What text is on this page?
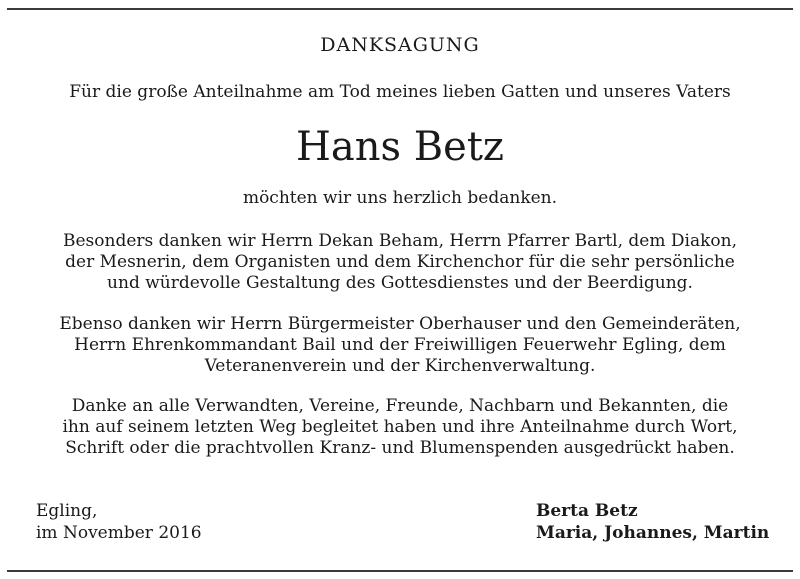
DANKSAGUNG
Für die große Anteilnahme am Tod meines lieben Gatten und unseres Vaters
Hans Betz
möchten wir uns herzlich bedanken.
Besonders danken wir Herrn Dekan Beham, Herrn Pfarrer Bartl, dem Diakon,
der Mesnerin, dem Organisten und dem Kirchenchor für die sehr persönliche
und würdevolle Gestaltung des Gottesdienstes und der Beerdigung.
Ebenso danken wir Herrn Bürgermeister Oberhauser und den Gemeinderäten,
Herrn Ehrenkommandant Bail und der Freiwilligen Feuerwehr Egling, dem
Veteranenverein und der Kirchenverwaltung.
Danke an alle Verwandten, Vereine, Freunde, Nachbarn und Bekannten, die
ihn auf seinem letzten Weg begleitet haben und ihre Anteilnahme durch Wort,
Schrift oder die prachtvollen Kranz- und Blumenspenden ausgedrückt haben.
Egling,
im November 2016
Berta Betz
Maria, Johannes, Martin
